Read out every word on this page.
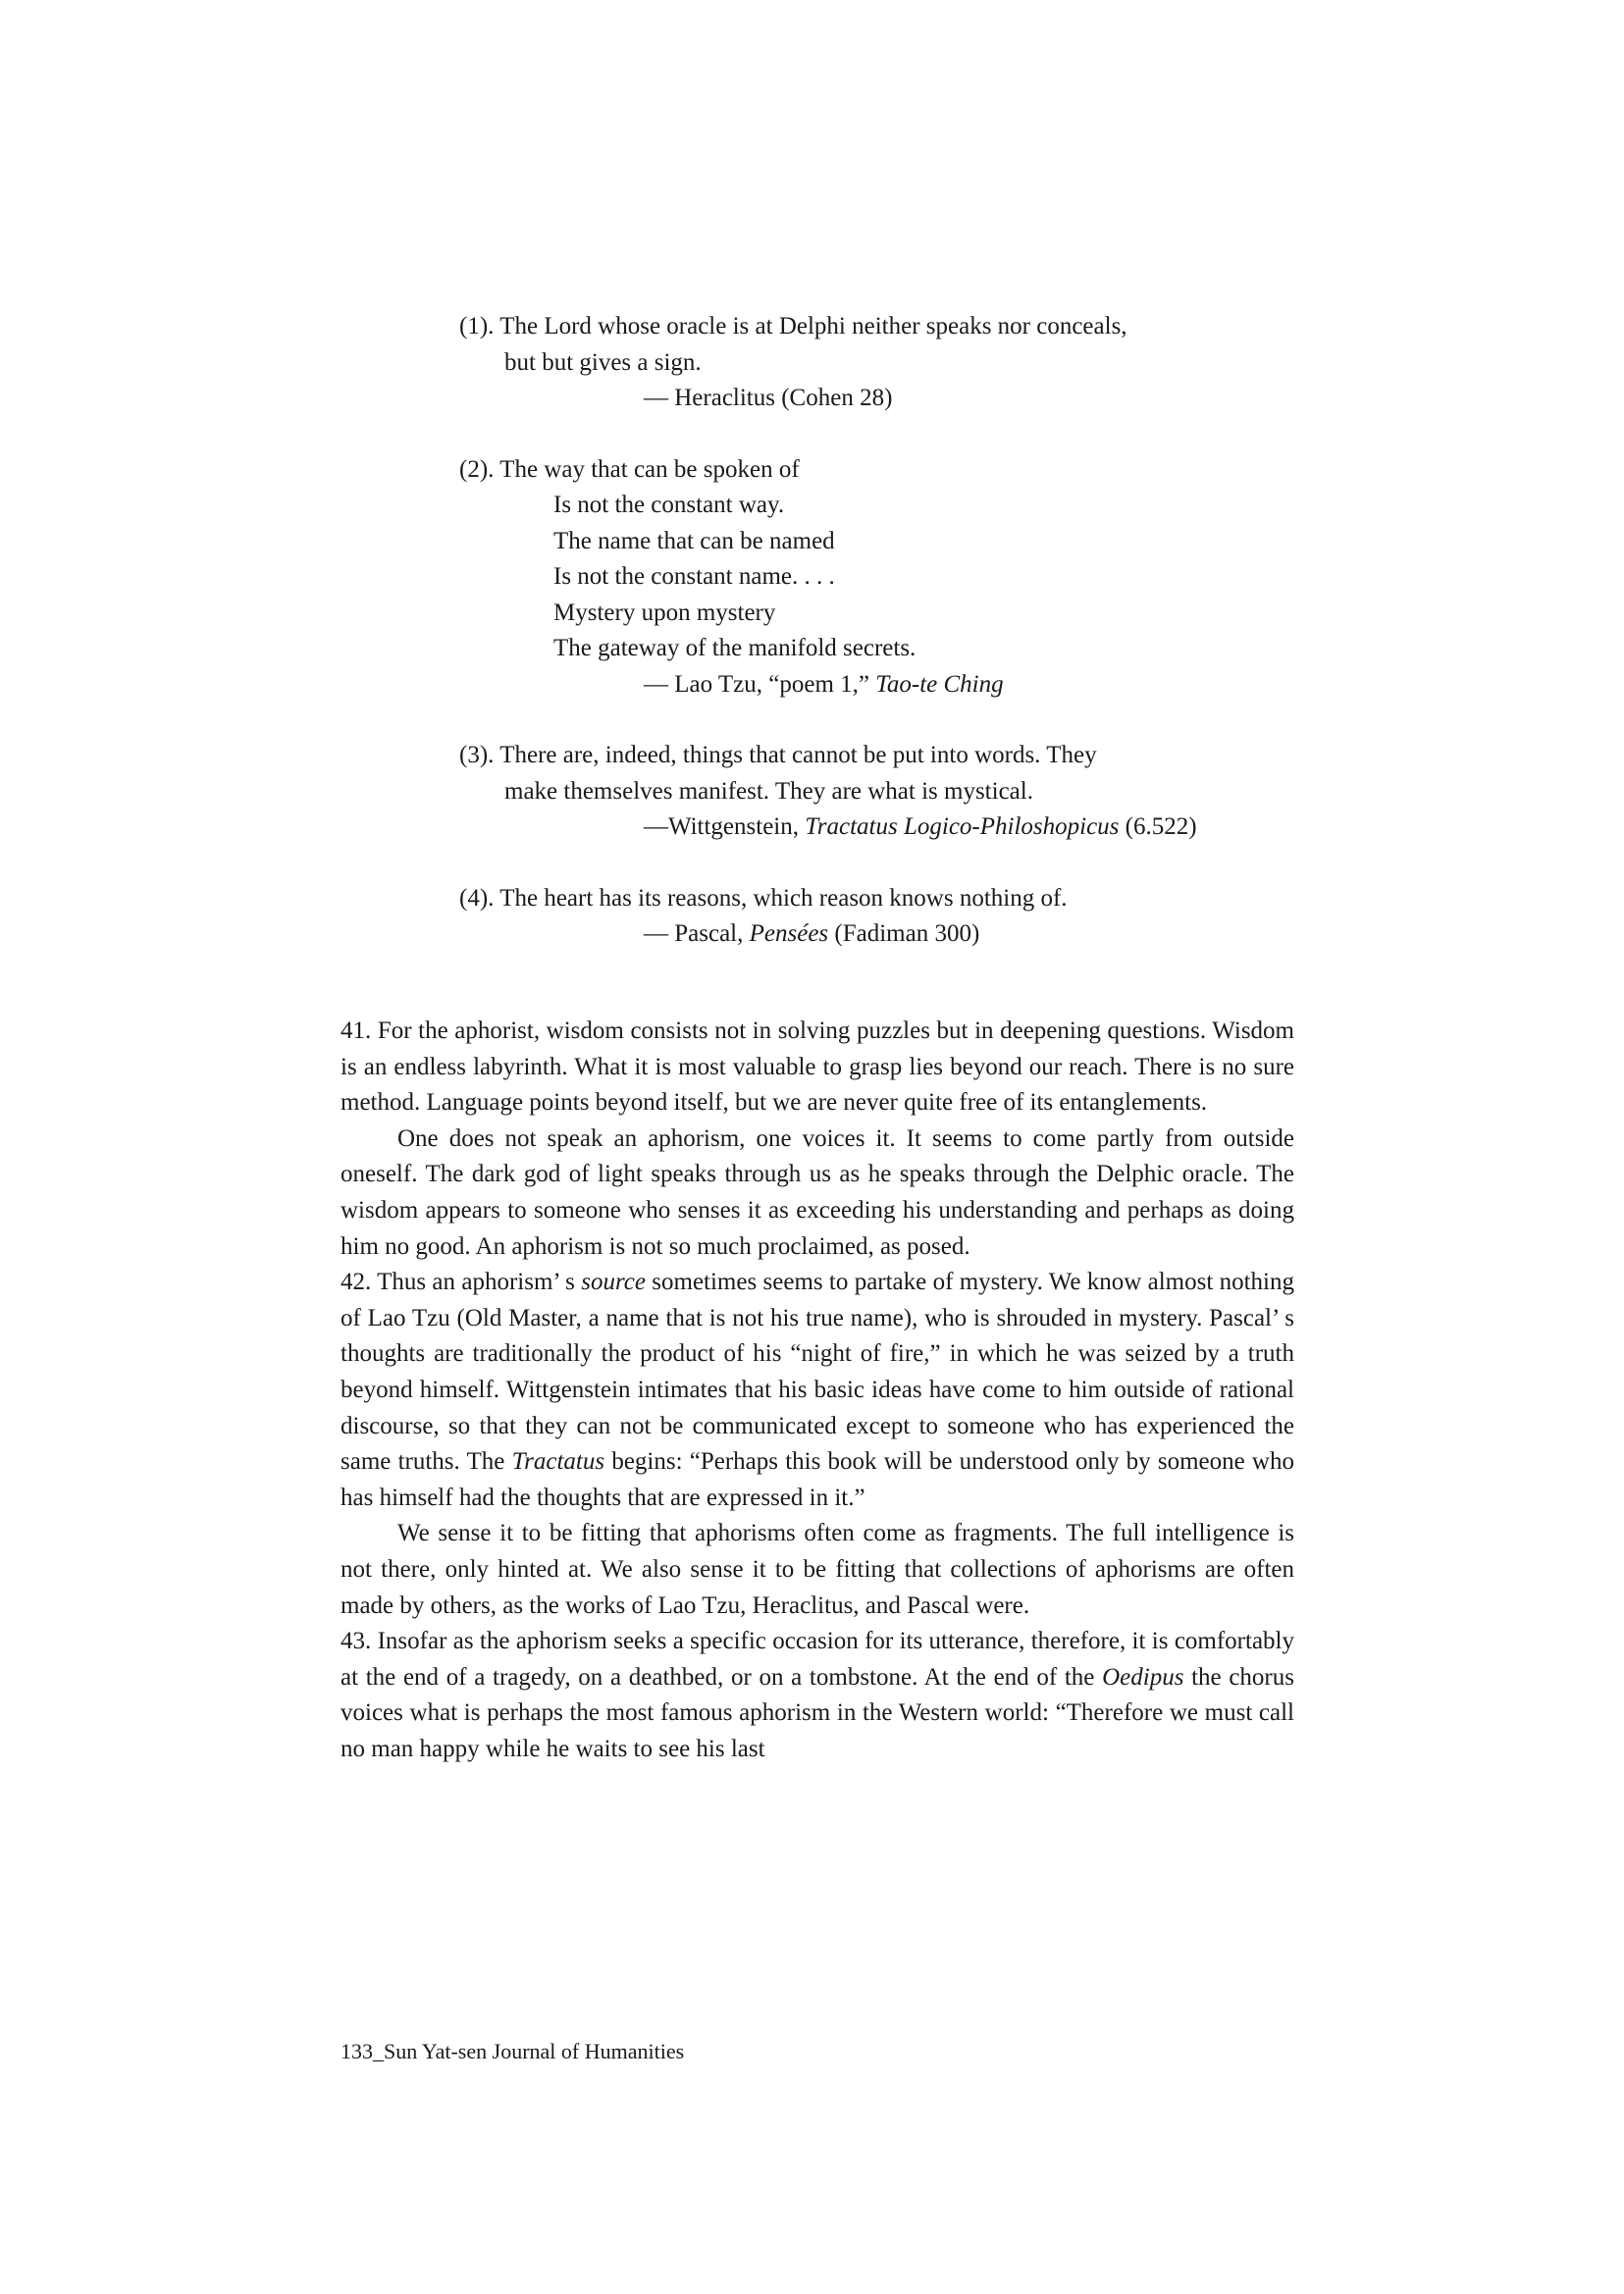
(1). The Lord whose oracle is at Delphi neither speaks nor conceals,
but but gives a sign.
— Heraclitus (Cohen 28)
(2). The way that can be spoken of
Is not the constant way.
The name that can be named
Is not the constant name. . . .
Mystery upon mystery
The gateway of the manifold secrets.
— Lao Tzu, “poem 1,” Tao-te Ching
(3). There are, indeed, things that cannot be put into words. They
make themselves manifest. They are what is mystical.
—Wittgenstein, Tractatus Logico-Philoshopicus (6.522)
(4). The heart has its reasons, which reason knows nothing of.
— Pascal, Pensées (Fadiman 300)

41. For the aphorist, wisdom consists not in solving puzzles but in deepening questions. Wisdom is an endless labyrinth. What it is most valuable to grasp lies beyond our reach. There is no sure method. Language points beyond itself, but we are never quite free of its entanglements.

One does not speak an aphorism, one voices it. It seems to come partly from outside oneself. The dark god of light speaks through us as he speaks through the Delphic oracle. The wisdom appears to someone who senses it as exceeding his understanding and perhaps as doing him no good. An aphorism is not so much proclaimed, as posed.

42. Thus an aphorism’ s source sometimes seems to partake of mystery. We know almost nothing of Lao Tzu (Old Master, a name that is not his true name), who is shrouded in mystery. Pascal’ s thoughts are traditionally the product of his “night of fire,” in which he was seized by a truth beyond himself. Wittgenstein intimates that his basic ideas have come to him outside of rational discourse, so that they can not be communicated except to someone who has experienced the same truths. The Tractatus begins: “Perhaps this book will be understood only by someone who has himself had the thoughts that are expressed in it.”

We sense it to be fitting that aphorisms often come as fragments. The full intelligence is not there, only hinted at. We also sense it to be fitting that collections of aphorisms are often made by others, as the works of Lao Tzu, Heraclitus, and Pascal were.

43. Insofar as the aphorism seeks a specific occasion for its utterance, therefore, it is comfortably at the end of a tragedy, on a deathbed, or on a tombstone. At the end of the Oedipus the chorus voices what is perhaps the most famous aphorism in the Western world: “Therefore we must call no man happy while he waits to see his last

133_Sun Yat-sen Journal of Humanities
